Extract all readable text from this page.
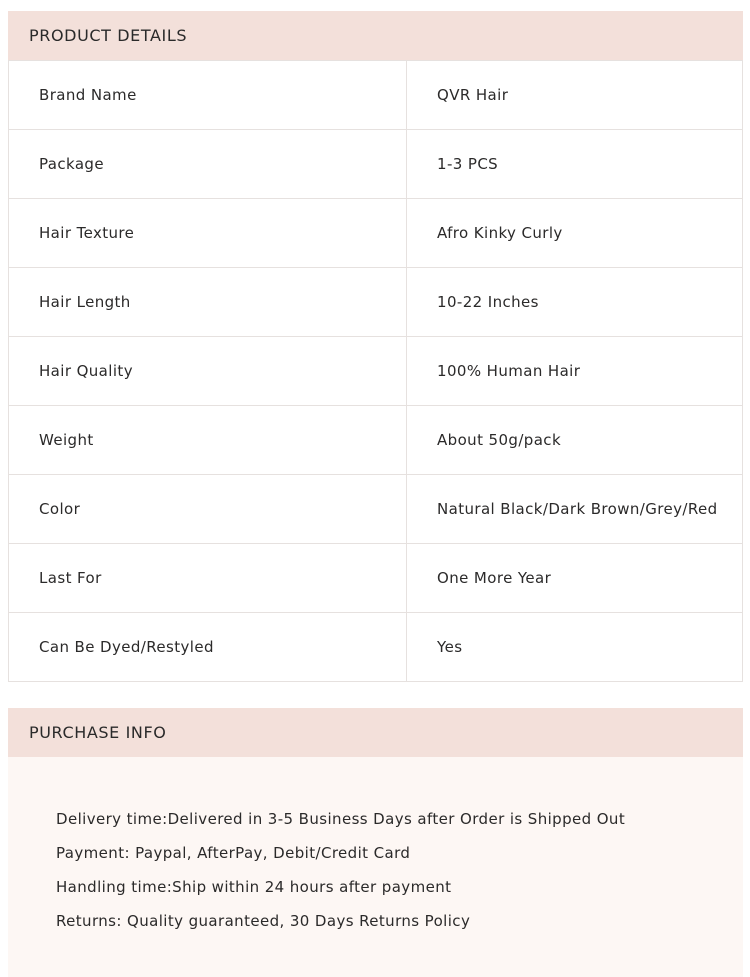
PRODUCT DETAILS
Brand Name	QVR Hair
Package	1-3 PCS
Hair Texture	Afro Kinky Curly
Hair Length	10-22 Inches
Hair Quality	100% Human Hair
Weight	About 50g/pack
Color	Natural Black/Dark Brown/Grey/Red
Last For	One More Year
Can Be Dyed/Restyled	Yes
PURCHASE INFO
Delivery time:Delivered in 3-5 Business Days after Order is Shipped Out
Payment: Paypal, AfterPay, Debit/Credit Card
Handling time:Ship within 24 hours after payment
Returns: Quality guaranteed, 30 Days Returns Policy
